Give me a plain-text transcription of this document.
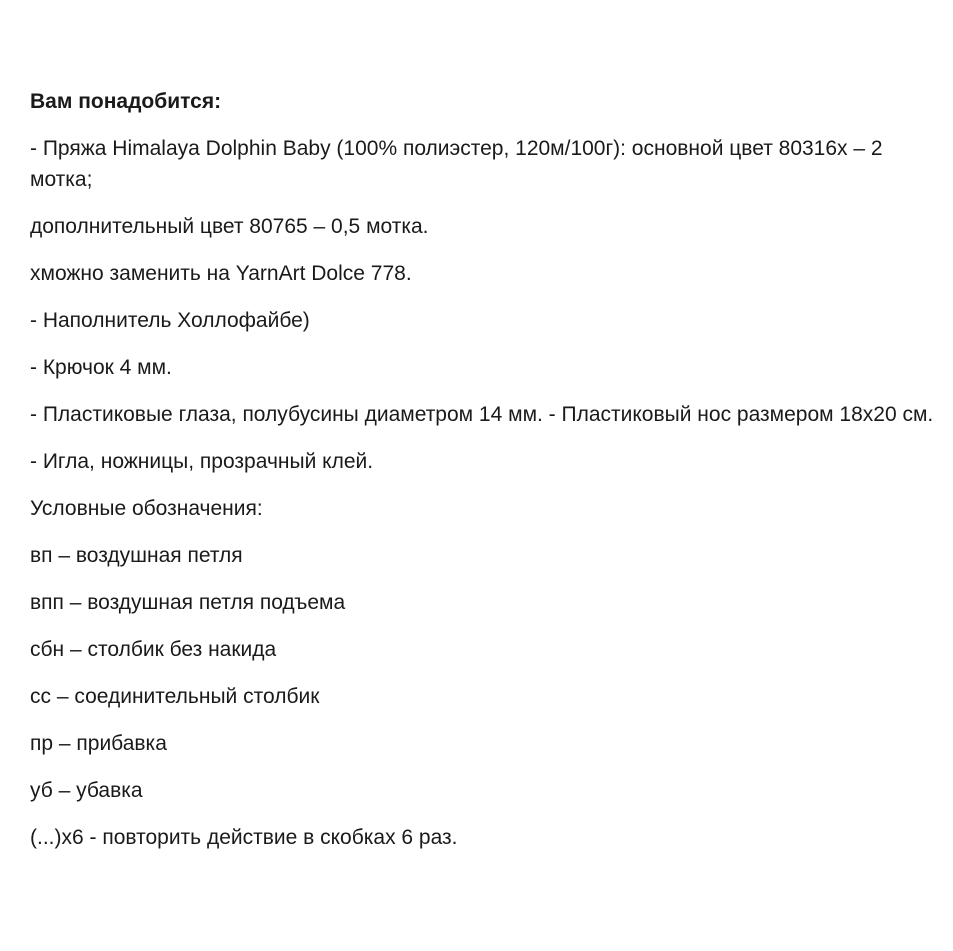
Вам понадобится:

- Пряжа Himalaya Dolphin Baby (100% полиэстер, 120м/100г): основной цвет 80316х – 2 мотка;

дополнительный цвет 80765 – 0,5 мотка.

хможно заменить на YarnArt Dolce 778.

- Наполнитель Холлофайбе)

- Крючок 4 мм.

- Пластиковые глаза, полубусины диаметром 14 мм. - Пластиковый нос размером 18х20 см.

- Игла, ножницы, прозрачный клей.

Условные обозначения:

вп – воздушная петля

впп – воздушная петля подъема

сбн – столбик без накида

сс – соединительный столбик

пр – прибавка

уб – убавка

(...)х6 - повторить действие в скобках 6 раз.
